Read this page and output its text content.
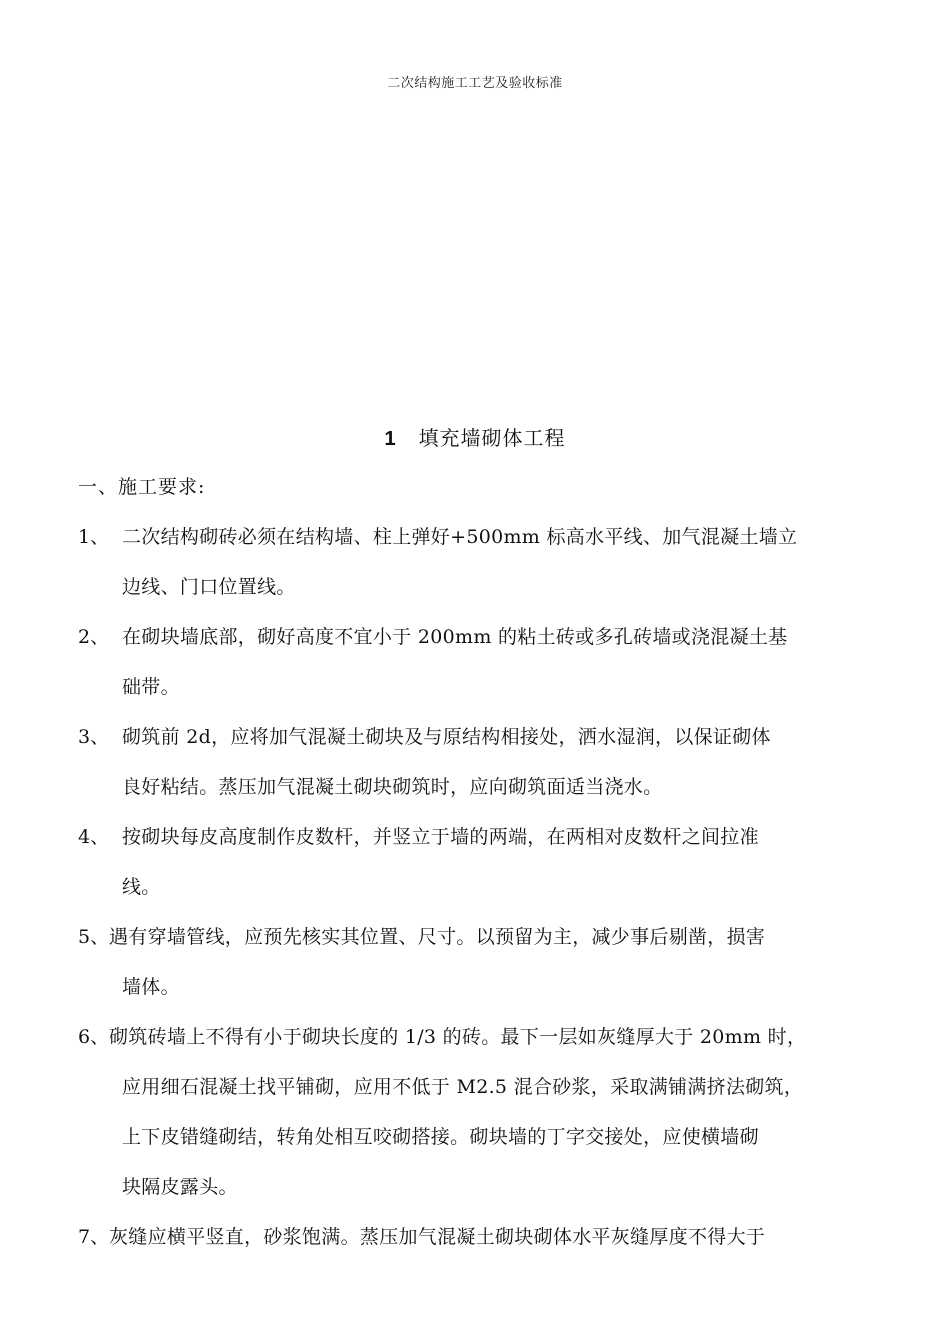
二次结构施工工艺及验收标准
1 填充墙砌体工程
一、施工要求:
1、 二次结构砌砖必须在结构墙、柱上弹好+500mm 标高水平线、加气混凝土墙立
边线、门口位置线。
2、 在砌块墙底部，砌好高度不宜小于 200mm 的粘土砖或多孔砖墙或浇混凝土基
础带。
3、 砌筑前 2d，应将加气混凝土砌块及与原结构相接处，洒水湿润，以保证砌体
良好粘结。蒸压加气混凝土砌块砌筑时，应向砌筑面适当浇水。
4、 按砌块每皮高度制作皮数杆，并竖立于墙的两端，在两相对皮数杆之间拉准
线。
5、 遇有穿墙管线，应预先核实其位置、尺寸。以预留为主，减少事后剔凿，损害
墙体。
6、 砌筑砖墙上不得有小于砌块长度的 1/3 的砖。最下一层如灰缝厚大于 20mm 时，
应用细石混凝土找平铺砌，应用不低于 M2.5 混合砂浆，采取满铺满挤法砌筑，
上下皮错缝砌结，转角处相互咬砌搭接。砌块墙的丁字交接处，应使横墙砌
块隔皮露头。
7、 灰缝应横平竖直，砂浆饱满。蒸压加气混凝土砌块砌体水平灰缝厚度不得大于
